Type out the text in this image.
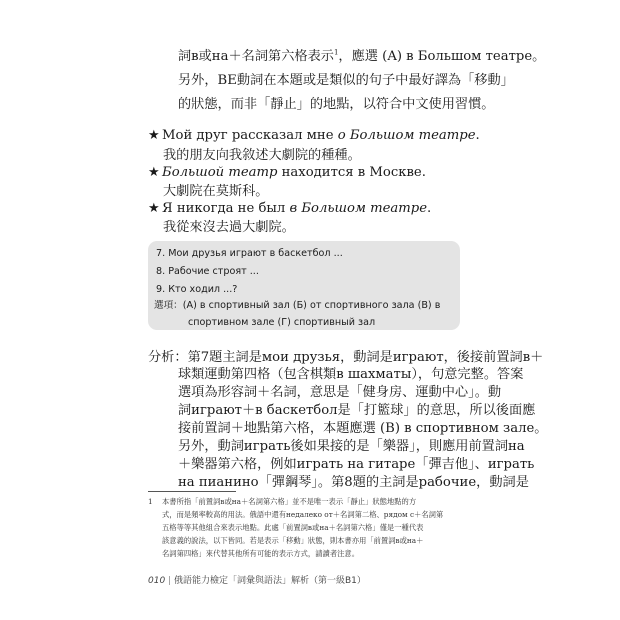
詞в或на＋名詞第六格表示$^1$，應選 (A) в Большом театре。
另外，BE動詞在本題或是類似的句子中最好譯為「移動」
的狀態，而非「靜止」的地點，以符合中文使用習慣。
★ Мой друг рассказал мне о Большом театре.
我的朋友向我敘述大劇院的種種。
★ Большой театр находится в Москве.
大劇院在莫斯科。
★ Я никогда не был в Большом театре.
我從來沒去過大劇院。
7. Мои друзья играют в баскетбол ...
8. Рабочие строят ...
9. Кто ходил ...?
選項：(А) в спортивный зал (Б) от спортивного зала (В) в
спортивном зале (Г) спортивный зал
分析：第7題主詞是мои друзья，動詞是играют，後接前置詞в＋
球類運動第四格（包含棋類в шахматы），句意完整。答案
選項為形容詞＋名詞，意思是「健身房、運動中心」。動
詞играют＋в баскетбол是「打籃球」的意思，所以後面應
接前置詞＋地點第六格，本題應選 (В) в спортивном зале。
另外，動詞играть後如果接的是「樂器」，則應用前置詞на
＋樂器第六格，例如играть на гитаре「彈吉他」、играть
на пианино「彈鋼琴」。第8題的主詞是рабочие，動詞是
1 本書所指「前置詞в或на＋名詞第六格」並不是唯一表示「靜止」狀態地點的方
式，而是頻率較高的用法。俄語中還有недалеко от＋名詞第二格、рядом с＋名詞第
五格等等其他組合來表示地點。此處「前置詞в或на＋名詞第六格」僅是一種代表
該意義的說法，以下皆同。若是表示「移動」狀態，則本書亦用「前置詞в或на＋
名詞第四格」來代替其他所有可能的表示方式，請讀者注意。
010 | 俄語能力檢定「詞彙與語法」解析（第一級B1）
